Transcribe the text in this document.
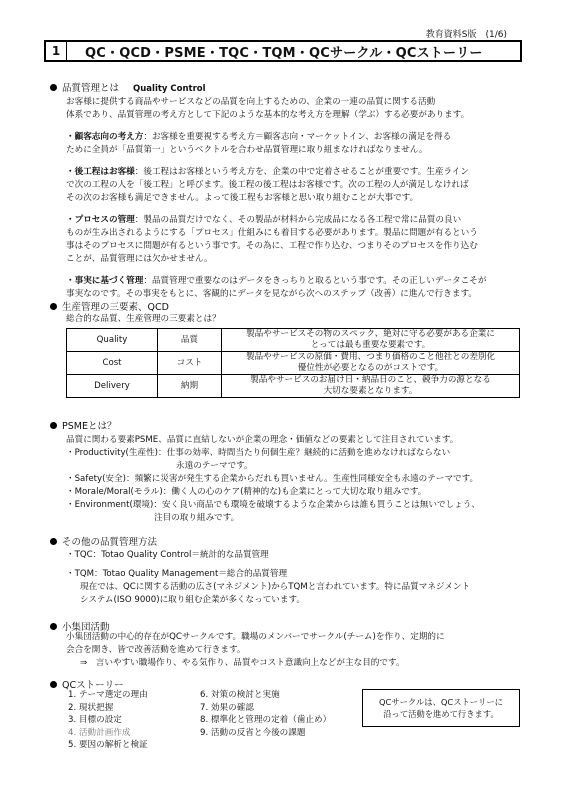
教育資料S版　(1/6)
1	QC・QCD・PSME・TQC・TQM・QCサークル・QCストーリー
品質管理とは Quality Control

お客様に提供する商品やサービスなどの品質を向上するための、企業の一連の品質に関する活動

体系であり、品質管理の考え方として下記のような基本的な考え方を理解（学ぶ）する必要があります。

・顧客志向の考え方：お客様を重要視する考え方＝顧客志向・マーケットイン、お客様の満足を得る

ために全員が「品質第一」というベクトルを合わせ品質管理に取り組まなければなりません。

・後工程はお客様：後工程はお客様という考え方を、企業の中で定着させることが重要です。生産ライン

で次の工程の人を「後工程」と呼びます。後工程の後工程はお客様です。次の工程の人が満足しなければ

その次のお客様も満足できません。よって後工程もお客様と思い取り組むことが大事です。

・プロセスの管理：製品の品質だけでなく、その製品が材料から完成品になる各工程で常に品質の良い

ものが生み出されるようにする「プロセス」仕組みにも着目する必要があります。製品に問題が有るという

事はそのプロセスに問題が有るという事です。その為に、工程で作り込む、つまりそのプロセスを作り込む

ことが、品質管理には欠かせません。

・事実に基づく管理：品質管理で重要なのはデータをきっちりと取るという事です。その正しいデータこそが

事実なのです。その事実をもとに、客観的にデータを見ながら次へのステップ（改善）に進んで行きます。

生産管理の三要素、QCD

総合的な品質、生産管理の三要素とは？

Quality	品質	製品やサービスその物のスペック、絶対に守る必要がある企業に
とっては最も重要な要素です。

Cost	コスト	製品やサービスの原価・費用、つまり価格のこと他社との差別化
優位性が必要となるのがコストです。

Delivery	納期	製品やサービスのお届け日・納品日のこと、競争力の源となる
大切な要素となります。
PSMEとは？

品質に関わる要素PSME、品質に直結しないが企業の理念・価値などの要素として注目されています。

・Productivity(生産性)：仕事の効率、時間当たり何個生産？継続的に活動を進めなければならない

永遠のテーマです。

・Safety(安全)：頻繁に災害が発生する企業からだれも買いません。生産性同様安全も永遠のテーマです。

・Morale/Moral(モラル)：働く人の心のケア(精神的な)も企業にとって大切な取り組みです。

・Environment(環境)：安く良い商品でも環境を破壊するような企業からは誰も買うことは無いでしょう、

注目の取り組みです。

その他の品質管理方法

・TQC：Totao Quality Control＝統計的な品質管理

・TQM：Totao Quality Management＝総合的品質管理

現在では、QCに関する活動の広さ(マネジメント)からTQMと言われています。特に品質マネジメント

システム(ISO 9000)に取り組む企業が多くなっています。

小集団活動

小集団活動の中心的存在がQCサークルです。職場のメンバーでサークル(チーム)を作り、定期的に

会合を開き、皆で改善活動を進めて行きます。

⇒　言いやすい職場作り、やる気作り、品質やコスト意識向上などが主な目的です。

QCストーリー
1. テーマ選定の理由
2. 現状把握
3. 目標の設定
4. 活動計画作成
5. 要因の解析と検証
6. 対策の検討と実施
7. 効果の確認
8. 標準化と管理の定着（歯止め）
9. 活動の反省と今後の課題
QCサークルは、QCストーリーに
沿って活動を進めて行きます。
